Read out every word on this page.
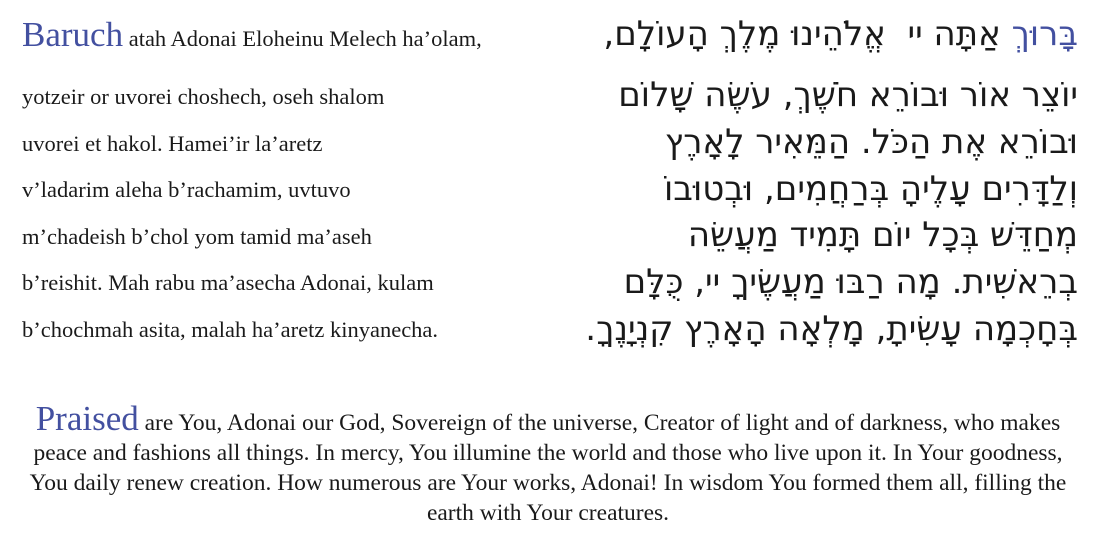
Baruch atah Adonai Eloheinu Melech ha’olam,
yotzeir or uvorei choshech, oseh shalom
uvorei et hakol. Hamei’ir la’aretz
v’ladarim aleha b’rachamim, uvtuvo
m’chadeish b’chol yom tamid ma’aseh
b’reishit. Mah rabu ma’asecha Adonai, kulam
b’chochmah asita, malah ha’aretz kinyanecha.
בָּרוּךְ אַתָּה יי  אֱלֹהֵינוּ מֶלֶךְ הָעוֹלָם,
יוֹצֵר אוֹר וּבוֹרֵא חֹשֶׁךְ, עֹשֶׂה שָׁלוֹם
וּבוֹרֵא אֶת הַכֹּל. הַמֵּאִיר לָאָרֶץ
וְלַדָּרִים עָלֶיהָ בְּרַחֲמִים, וּבְטוּבוֹ
מְחַדֵּשׁ בְּכָל יוֹם תָּמִיד מַעֲשֵׂה
בְרֵאשִׁית. מָה רַבּוּ מַעֲשֶׂיךָ יי, כֻּלָּם
בְּחָכְמָה עָשִׂיתָ, מָלְאָה הָאָרֶץ קִנְיָנֶךָ.
Praised are You, Adonai our God, Sovereign of the universe, Creator of light and of darkness, who makes peace and fashions all things. In mercy, You illumine the world and those who live upon it. In Your goodness, You daily renew creation. How numerous are Your works, Adonai! In wisdom You formed them all, filling the earth with Your creatures.
